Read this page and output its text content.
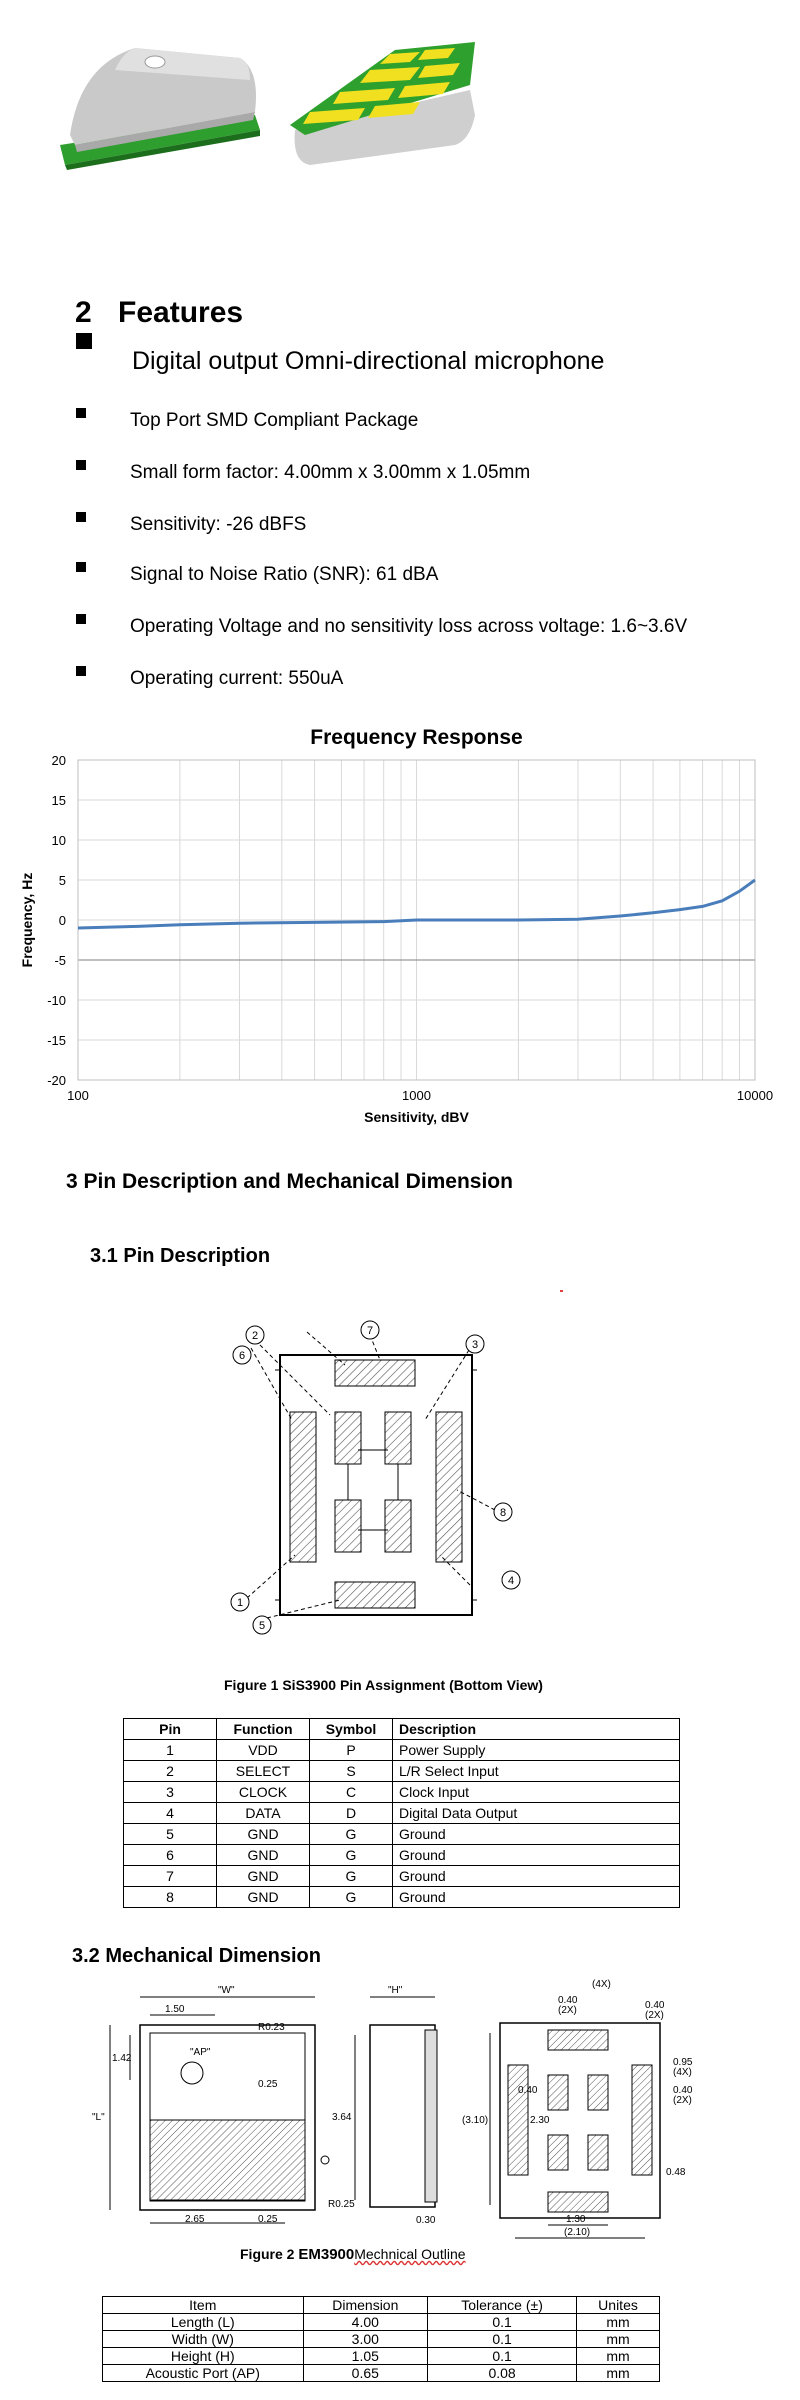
2 Features
Digital output Omni-directional microphone
Top Port SMD Compliant Package
Small form factor: 4.00mm x 3.00mm x 1.05mm
Sensitivity: -26 dBFS
Signal to Noise Ratio (SNR): 61 dBA
Operating Voltage and no sensitivity loss across voltage: 1.6~3.6V
Operating current: 550uA
Frequency Response
20
15
10
5
0
-5
-10
-15
-20
100	1000	10000
Sensitivity, dBV
Frequency, Hz
3 Pin Description and Mechanical Dimension
3.1 Pin Description
1
2
3
4
5
6
7
8
Figure 1 SiS3900 Pin Assignment (Bottom View)
Pin	Function	Symbol	Description
1	VDD	P	Power Supply
2	SELECT	S	L/R Select Input
3	CLOCK	C	Clock Input
4	DATA	D	Digital Data Output
5	GND	G	Ground
6	GND	G	Ground
7	GND	G	Ground
8	GND	G	Ground
3.2 Mechanical Dimension
"W"
1.50
R0.23
"AP"
1.42
"L"
0.25
2.65	0.25
"H"
3.64
R0.25
0.30
(4X)
0.40
(2X)	0.40
(2X)
0.95
(4X)
0.40
(2X)
0.40
(3.10)	2.30
0.48
1.30
(2.10)
Figure 2 EM3900Mechnical Outline
Item	Dimension	Tolerance (±)	Unites
Length (L)	4.00	0.1	mm
Width (W)	3.00	0.1	mm
Height (H)	1.05	0.1	mm
Acoustic Port (AP)	0.65	0.08	mm
